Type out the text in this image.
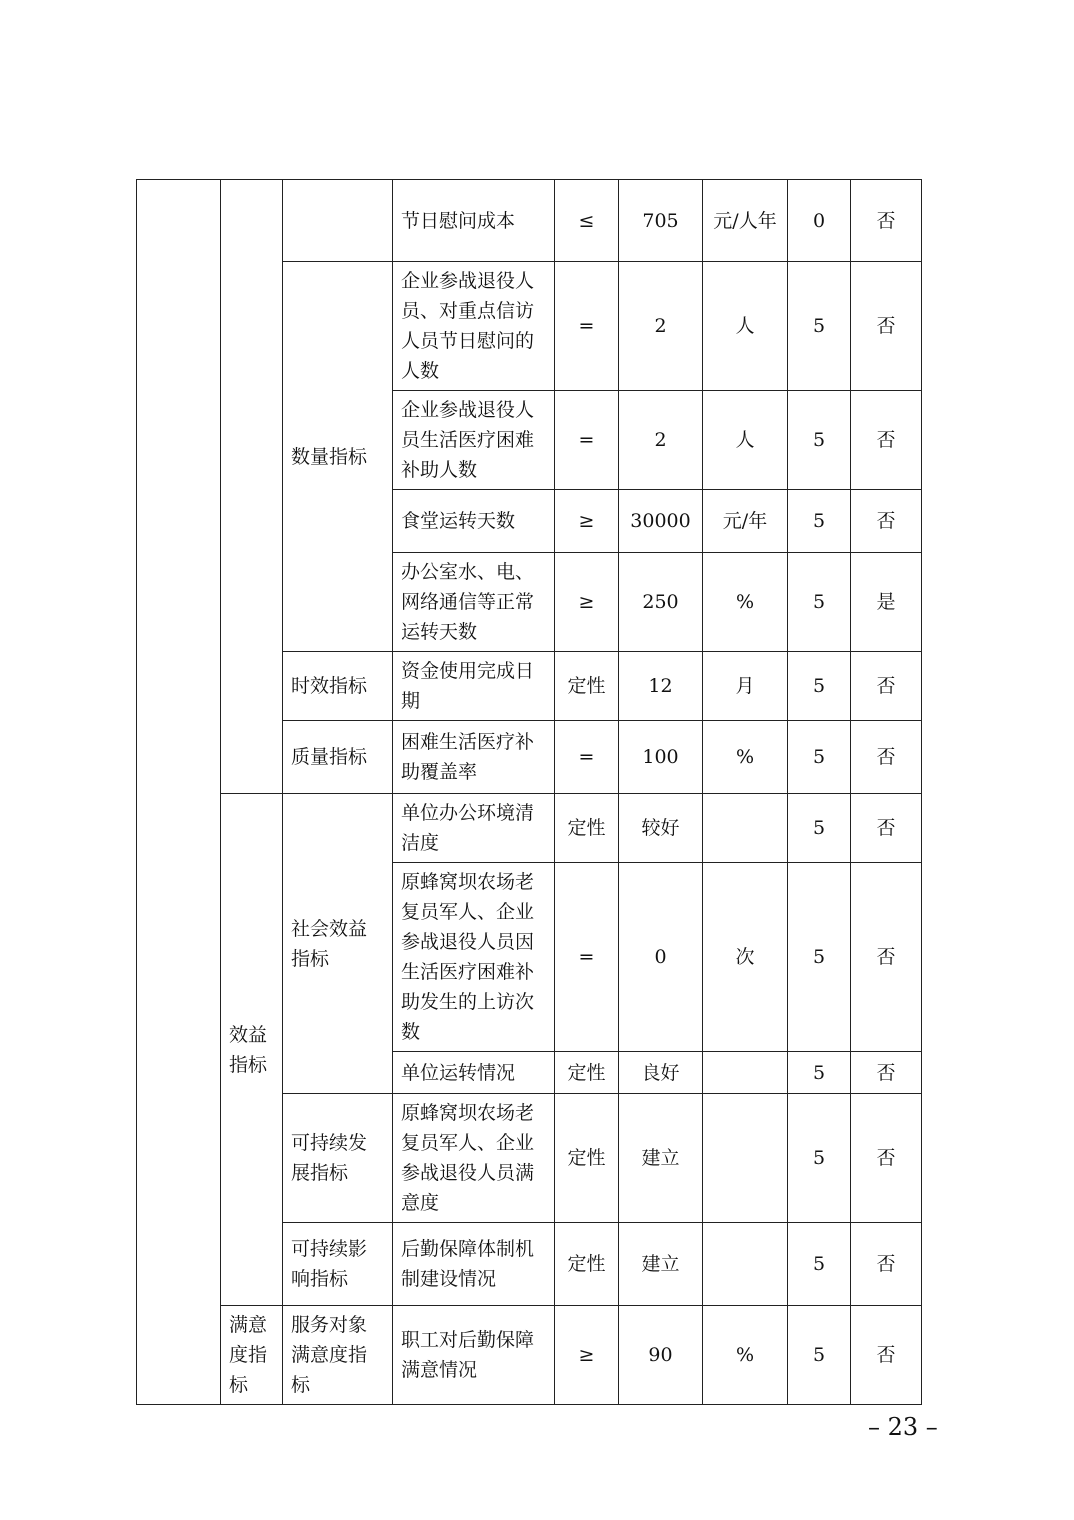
			节日慰问成本	≤	705	元/人年	0	否
		数量指标	企业参战退役人员、对重点信访人员节日慰问的人数	=	2	人	5	否
			企业参战退役人员生活医疗困难补助人数	=	2	人	5	否
			食堂运转天数	≥	30000	元/年	5	否
			办公室水、电、网络通信等正常运转天数	≥	250	%	5	是
		时效指标	资金使用完成日期	定性	12	月	5	否
		质量指标	困难生活医疗补助覆盖率	=	100	%	5	否
	效益指标	社会效益指标	单位办公环境清洁度	定性	较好		5	否
			原蜂窝坝农场老复员军人、企业参战退役人员因生活医疗困难补助发生的上访次数	=	0	次	5	否
			单位运转情况	定性	良好		5	否
		可持续发展指标	原蜂窝坝农场老复员军人、企业参战退役人员满意度	定性	建立		5	否
		可持续影响指标	后勤保障体制机制建设情况	定性	建立		5	否
	满意度指标	服务对象满意度指标	职工对后勤保障满意情况	≥	90	%	5	否
– 23 –
